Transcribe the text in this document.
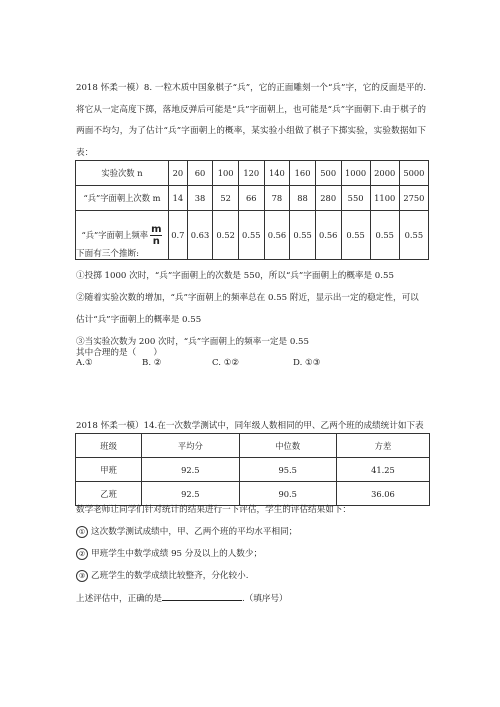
2018 怀柔一模）8. 一粒木质中国象棋子“兵”，它的正面雕刻一个“兵”字，它的反面是平的. 将它从一定高度下掷，落地反弹后可能是“兵”字面朝上，也可能是“兵”字面朝下.由于棋子的两面不均匀，为了估计“兵”字面朝上的概率，某实验小组做了棋子下掷实验，实验数据如下表：

实验次数 n	20	60	100	120	140	160	500	1000	2000	5000
“兵”字面朝上次数 m	14	38	52	66	78	88	280	550	1100	2750
“兵”字面朝上频率 $\frac{m}{n}$	0.7	0.63	0.52	0.55	0.56	0.55	0.56	0.55	0.55	0.55

下面有三个推断:

①投掷 1000 次时，“兵”字面朝上的次数是 550，所以“兵”字面朝上的概率是 0.55

②随着实验次数的增加，“兵”字面朝上的频率总在 0.55 附近，显示出一定的稳定性，可以

估计“兵”字面朝上的概率是 0.55

③当实验次数为 200 次时，“兵”字面朝上的频率一定是 0.55

其中合理的是（　　）

A.①	B. ②	C. ①②	D. ①③

2018 怀柔一模）14.在一次数学测试中，同年级人数相同的甲、乙两个班的成绩统计如下表

班级	平均分	中位数	方差
甲班	92.5	95.5	41.25
乙班	92.5	90.5	36.06

数学老师让同学们针对统计的结果进行一下评估，学生的评估结果如下：

① 这次数学测试成绩中，甲、乙两个班的平均水平相同；

② 甲班学生中数学成绩 95 分及以上的人数少；

③ 乙班学生的数学成绩比较整齐，分化较小.

上述评估中，正确的是	.（填序号）
